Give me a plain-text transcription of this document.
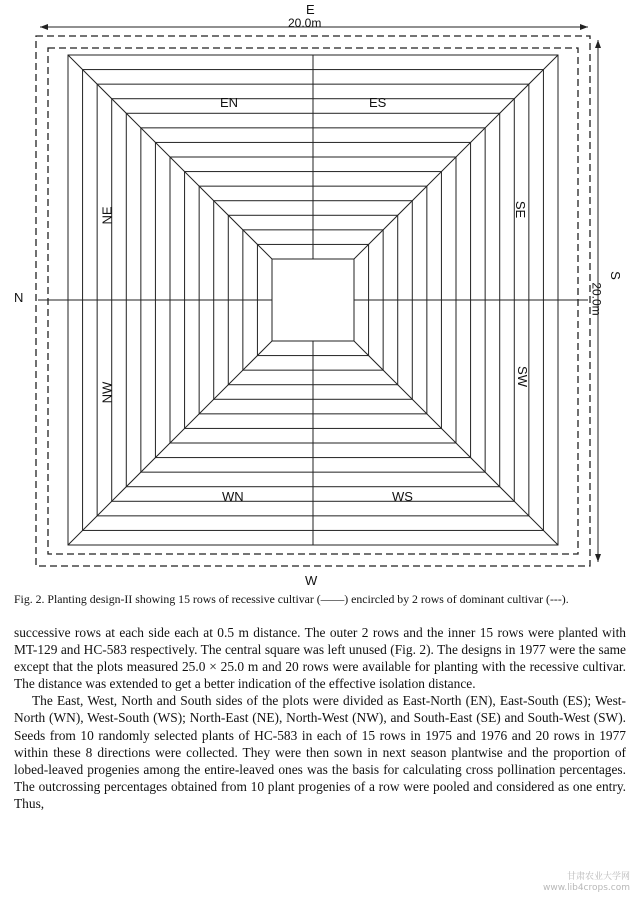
E
20.0m
W
N
S
20.0m
EN	ES
NE	SE
NW
SW
WN	WS
Fig. 2. Planting design-II showing 15 rows of recessive cultivar (——) encircled by 2 rows of dominant cultivar (---).

successive rows at each side each at 0.5 m distance. The outer 2 rows and the inner 15 rows were planted with MT-129 and HC-583 respectively. The central square was left unused (Fig. 2). The designs in 1977 were the same except that the plots measured 25.0 × 25.0 m and 20 rows were available for planting with the recessive cultivar. The distance was extended to get a better indication of the effective isolation distance.

The East, West, North and South sides of the plots were divided as East-North (EN), East-South (ES); West-North (WN), West-South (WS); North-East (NE), North-West (NW), and South-East (SE) and South-West (SW). Seeds from 10 randomly selected plants of HC-583 in each of 15 rows in 1975 and 1976 and 20 rows in 1977 within these 8 directions were collected. They were then sown in next season plantwise and the proportion of lobed-leaved progenies among the entire-leaved ones was the basis for calculating cross pollination percentages. The outcrossing percentages obtained from 10 plant progenies of a row were pooled and considered as one entry. Thus,

甘肃农业大学网
www.lib4crops.com
